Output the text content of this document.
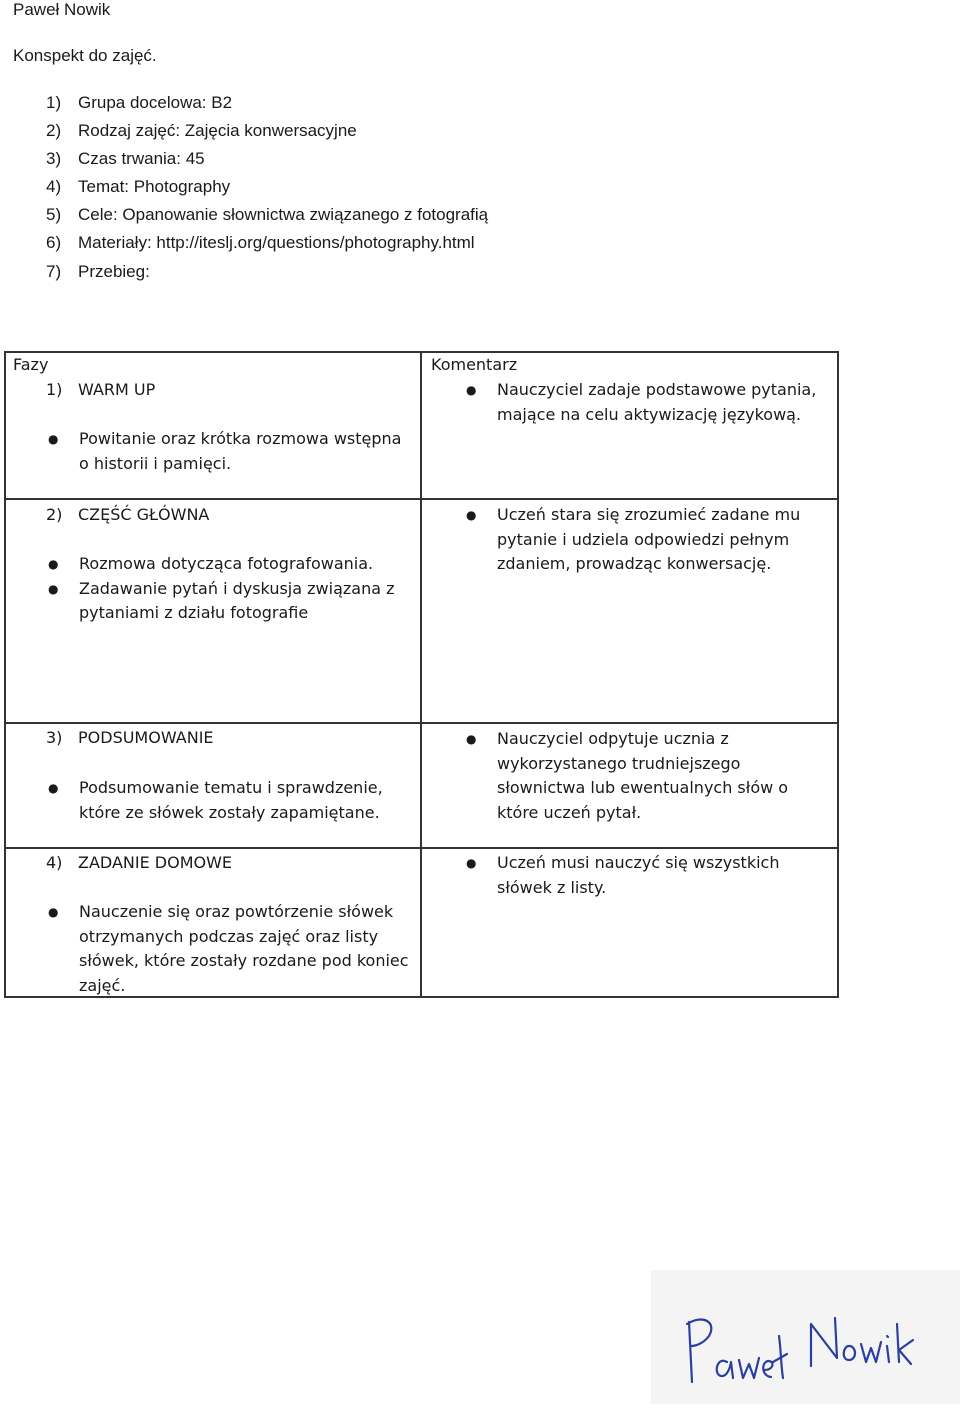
Paweł Nowik
Konspekt do zajęć.
1) Grupa docelowa: B2
2) Rodzaj zajęć: Zajęcia konwersacyjne
3) Czas trwania: 45
4) Temat: Photography
5) Cele: Opanowanie słownictwa związanego z fotografią
6) Materiały: http://iteslj.org/questions/photography.html
7) Przebieg:
Fazy	Komentarz
1) WARM UP
● Powitanie oraz krótka rozmowa wstępna o historii i pamięci.
● Nauczyciel zadaje podstawowe pytania, mające na celu aktywizację językową.
2) CZĘŚĆ GŁÓWNA
● Rozmowa dotycząca fotografowania.
● Zadawanie pytań i dyskusja związana z pytaniami z działu fotografie
● Uczeń stara się zrozumieć zadane mu pytanie i udziela odpowiedzi pełnym zdaniem, prowadząc konwersację.
3) PODSUMOWANIE
● Podsumowanie tematu i sprawdzenie, które ze słówek zostały zapamiętane.
● Nauczyciel odpytuje ucznia z wykorzystanego trudniejszego słownictwa lub ewentualnych słów o które uczeń pytał.
4) ZADANIE DOMOWE
● Nauczenie się oraz powtórzenie słówek otrzymanych podczas zajęć oraz listy słówek, które zostały rozdane pod koniec zajęć.
● Uczeń musi nauczyć się wszystkich słówek z listy.
